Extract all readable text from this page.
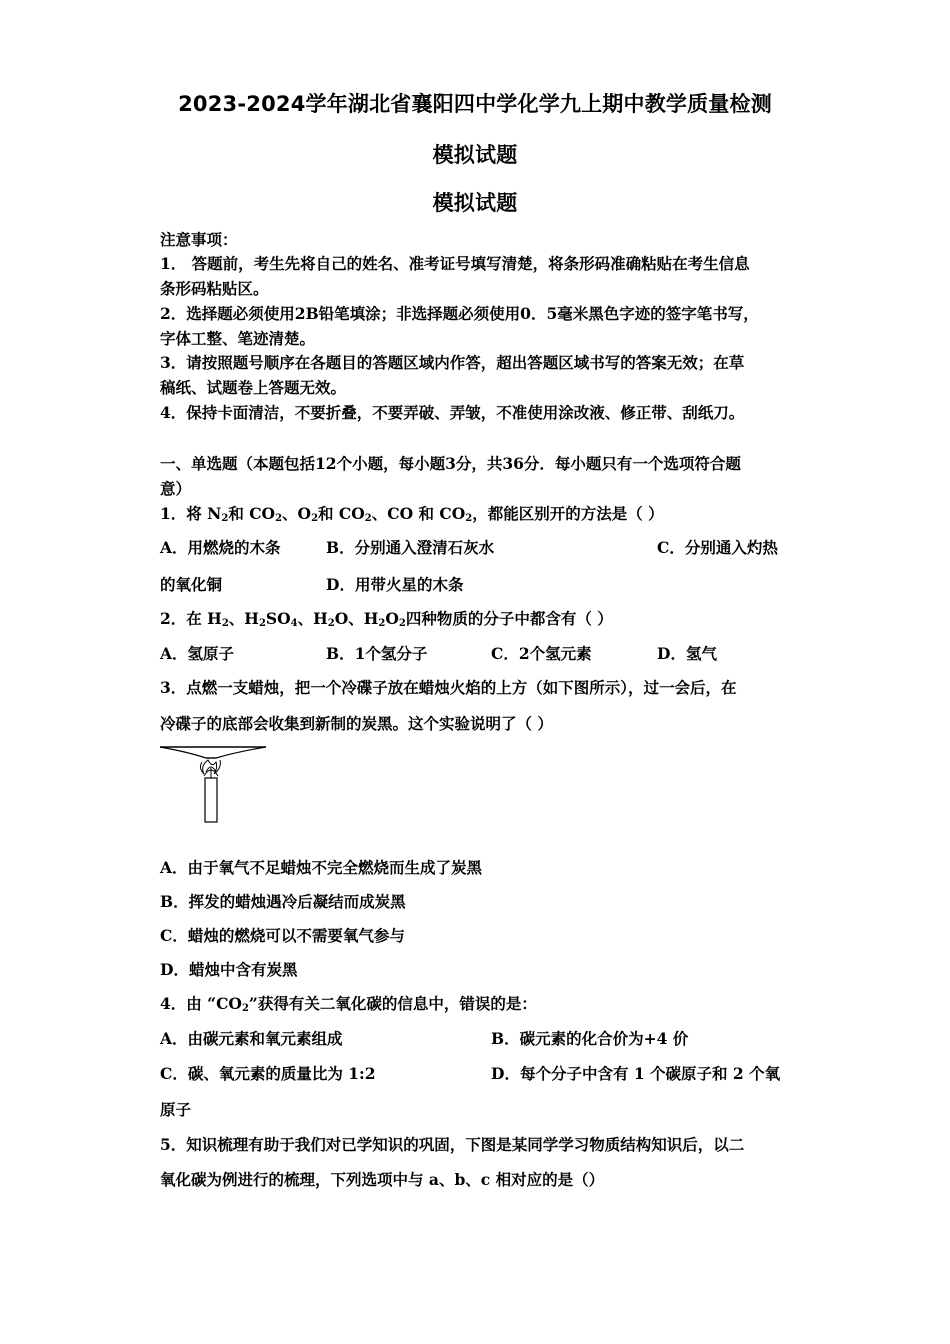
2023-2024学年湖北省襄阳四中学化学九上期中教学质量检测
模拟试题
模拟试题
注意事项：
1． 答题前，考生先将自己的姓名、准考证号填写清楚，将条形码准确粘贴在考生信息
条形码粘贴区。
2．选择题必须使用2B铅笔填涂；非选择题必须使用0．5毫米黑色字迹的签字笔书写，
字体工整、笔迹清楚。
3．请按照题号顺序在各题目的答题区域内作答，超出答题区域书写的答案无效；在草
稿纸、试题卷上答题无效。
4．保持卡面清洁，不要折叠，不要弄破、弄皱，不准使用涂改液、修正带、刮纸刀。
一、单选题（本题包括12个小题，每小题3分，共36分．每小题只有一个选项符合题
意）
1．将 $N_2$和 $CO_2$、$O_2$和 $CO_2$、CO 和 $CO_2$，都能区别开的方法是（ ）
A．用燃烧的木条	B．分别通入澄清石灰水	C．分别通入灼热
的氧化铜	D．用带火星的木条
2．在 $H_2$、$H_2SO_4$、$H_2O$、$H_2O_2$四种物质的分子中都含有（ ）
A．氢原子	B．1个氢分子	C．2个氢元素	D．氢气
3．点燃一支蜡烛，把一个冷碟子放在蜡烛火焰的上方（如下图所示），过一会后，在
冷碟子的底部会收集到新制的炭黑。这个实验说明了（ ）
A．由于氧气不足蜡烛不完全燃烧而生成了炭黑
B．挥发的蜡烛遇冷后凝结而成炭黑
C．蜡烛的燃烧可以不需要氧气参与
D．蜡烛中含有炭黑
4．由 “$CO_2$”获得有关二氧化碳的信息中，错误的是：
A．由碳元素和氧元素组成	B．碳元素的化合价为+4 价
C．碳、氧元素的质量比为 1:2	D．每个分子中含有 1 个碳原子和 2 个氧
原子
5．知识梳理有助于我们对已学知识的巩固，下图是某同学学习物质结构知识后，以二
氧化碳为例进行的梳理，下列选项中与 a、b、c 相对应的是（）
